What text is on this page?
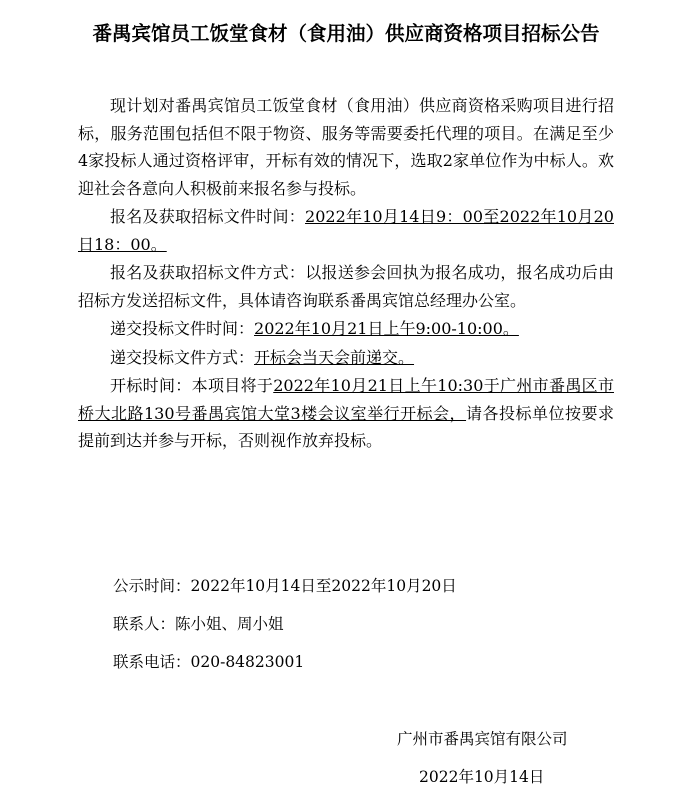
番禺宾馆员工饭堂食材（食用油）供应商资格项目招标公告

现计划对番禺宾馆员工饭堂食材（食用油）供应商资格采购项目进行招标，服务范围包括但不限于物资、服务等需要委托代理的项目。在满足至少4家投标人通过资格评审，开标有效的情况下，选取2家单位作为中标人。欢迎社会各意向人积极前来报名参与投标。

报名及获取招标文件时间：2022年10月14日9：00至2022年10月20日18：00。

报名及获取招标文件方式：以报送参会回执为报名成功，报名成功后由招标方发送招标文件，具体请咨询联系番禺宾馆总经理办公室。

递交投标文件时间：2022年10月21日上午9:00-10:00。

递交投标文件方式：开标会当天会前递交。

开标时间：本项目将于2022年10月21日上午10:30于广州市番禺区市桥大北路130号番禺宾馆大堂3楼会议室举行开标会，请各投标单位按要求提前到达并参与开标，否则视作放弃投标。

公示时间：2022年10月14日至2022年10月20日
联系人：陈小姐、周小姐
联系电话：020-84823001
广州市番禺宾馆有限公司
2022年10月14日
